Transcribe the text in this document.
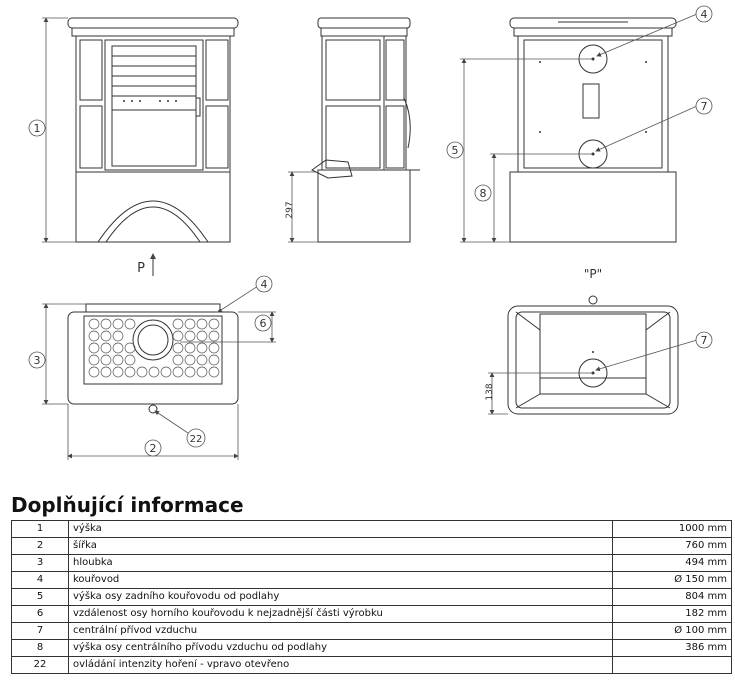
1
297
5
8
4
7
P
3
2
6
4
22
"P"
138
7
Doplňující informace
1	výška	1000 mm
2	šířka	760 mm
3	hloubka	494 mm
4	kouřovod	Ø 150 mm
5	výška osy zadního kouřovodu od podlahy	804 mm
6	vzdálenost osy horního kouřovodu k nejzadnější části výrobku	182 mm
7	centrální přívod vzduchu	Ø 100 mm
8	výška osy centrálního přívodu vzduchu od podlahy	386 mm
22	ovládání intenzity hoření - vpravo otevřeno	
